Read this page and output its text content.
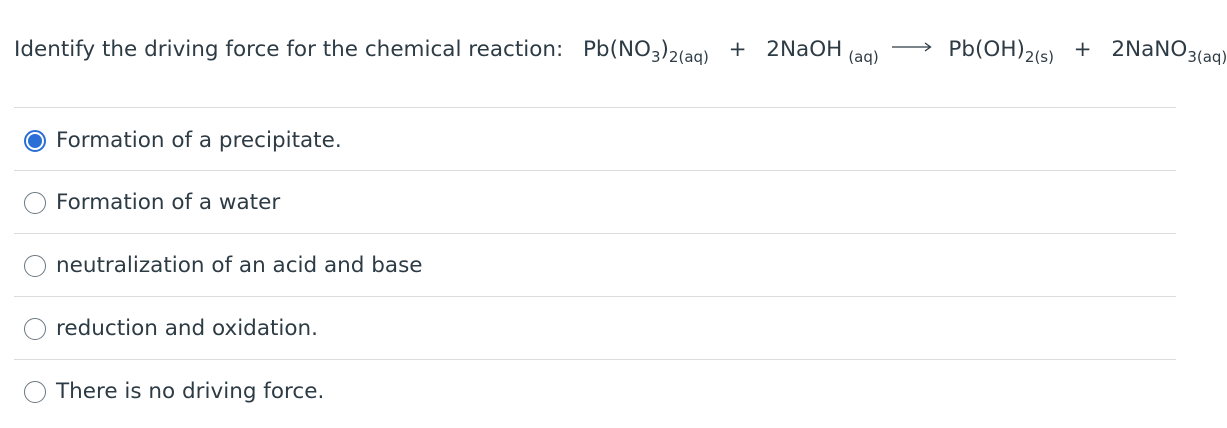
Identify the driving force for the chemical reaction: $Pb(NO_3)_{2(aq)}$ + 2NaOH $_{(aq)} \to Pb(OH)_{2(s)}$ + 2NaNO$_{3(aq)}$
Formation of a precipitate.
Formation of a water
neutralization of an acid and base
reduction and oxidation.
There is no driving force.
